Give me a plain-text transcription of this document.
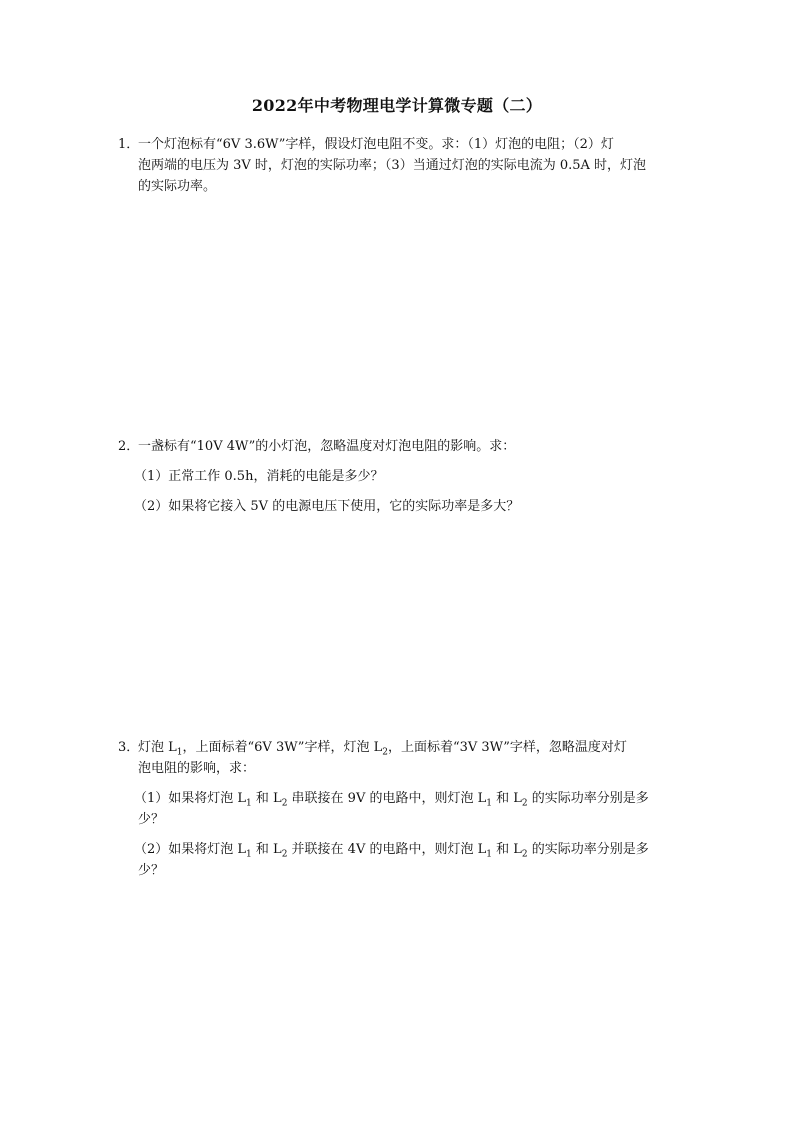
2022年中考物理电学计算微专题（二）
1．一个灯泡标有“6V 3.6W”字样，假设灯泡电阻不变。求：（1）灯泡的电阻；（2）灯
泡两端的电压为 3V 时，灯泡的实际功率；（3）当通过灯泡的实际电流为 0.5A 时，灯泡
的实际功率。
2．一盏标有“10V 4W”的小灯泡，忽略温度对灯泡电阻的影响。求：
（1）正常工作 0.5h，消耗的电能是多少？
（2）如果将它接入 5V 的电源电压下使用，它的实际功率是多大？
3．灯泡 $L_1$，上面标着“6V 3W”字样，灯泡 $L_2$，上面标着“3V 3W”字样，忽略温度对灯
泡电阻的影响，求：
（1）如果将灯泡 $L_1$ 和 $L_2$ 串联接在 9V 的电路中，则灯泡 $L_1$ 和 $L_2$ 的实际功率分别是多
少？
（2）如果将灯泡 $L_1$ 和 $L_2$ 并联接在 4V 的电路中，则灯泡 $L_1$ 和 $L_2$ 的实际功率分别是多
少？
